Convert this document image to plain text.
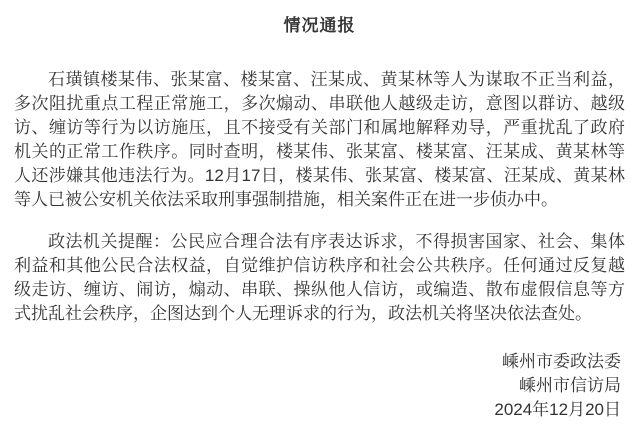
情况通报

石璜镇楼某伟、张某富、楼某富、汪某成、黄某林等人为谋取不正当利益，多次阻扰重点工程正常施工，多次煽动、串联他人越级走访，意图以群访、越级访、缠访等行为以访施压，且不接受有关部门和属地解释劝导，严重扰乱了政府机关的正常工作秩序。同时查明，楼某伟、张某富、楼某富、汪某成、黄某林等人还涉嫌其他违法行为。12月17日，楼某伟、张某富、楼某富、汪某成、黄某林等人已被公安机关依法采取刑事强制措施，相关案件正在进一步侦办中。

政法机关提醒：公民应合理合法有序表达诉求，不得损害国家、社会、集体利益和其他公民合法权益，自觉维护信访秩序和社会公共秩序。任何通过反复越级走访、缠访、闹访，煽动、串联、操纵他人信访，或编造、散布虚假信息等方式扰乱社会秩序，企图达到个人无理诉求的行为，政法机关将坚决依法查处。

嵊州市委政法委
嵊州市信访局
2024年12月20日
